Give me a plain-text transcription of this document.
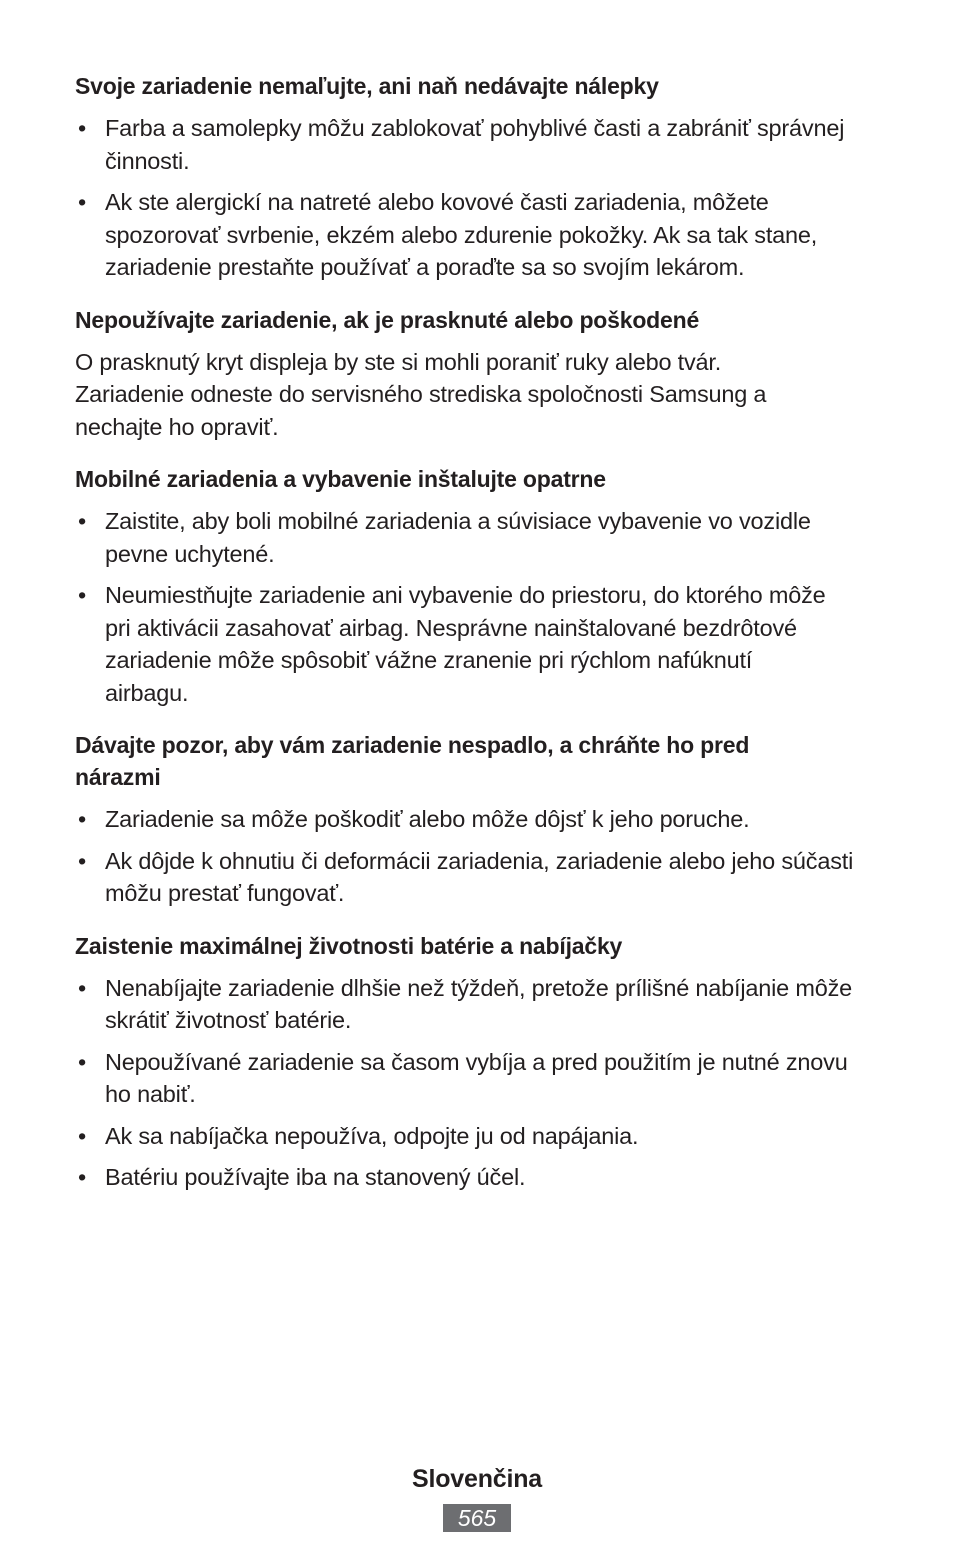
Svoje zariadenie nemaľujte, ani naň nedávajte nálepky
• Farba a samolepky môžu zablokovať pohyblivé časti a zabrániť správnej činnosti.
• Ak ste alergickí na natreté alebo kovové časti zariadenia, môžete spozorovať svrbenie, ekzém alebo zdurenie pokožky. Ak sa tak stane, zariadenie prestaňte používať a poraďte sa so svojím lekárom.
Nepoužívajte zariadenie, ak je prasknuté alebo poškodené

O prasknutý kryt displeja by ste si mohli poraniť ruky alebo tvár. Zariadenie odneste do servisného strediska spoločnosti Samsung a nechajte ho opraviť.

Mobilné zariadenia a vybavenie inštalujte opatrne
• Zaistite, aby boli mobilné zariadenia a súvisiace vybavenie vo vozidle pevne uchytené.
• Neumiestňujte zariadenie ani vybavenie do priestoru, do ktorého môže pri aktivácii zasahovať airbag. Nesprávne nainštalované bezdrôtové zariadenie môže spôsobiť vážne zranenie pri rýchlom nafúknutí airbagu.
Dávajte pozor, aby vám zariadenie nespadlo, a chráňte ho pred nárazmi
• Zariadenie sa môže poškodiť alebo môže dôjsť k jeho poruche.
• Ak dôjde k ohnutiu či deformácii zariadenia, zariadenie alebo jeho súčasti môžu prestať fungovať.
Zaistenie maximálnej životnosti batérie a nabíjačky
• Nenabíjajte zariadenie dlhšie než týždeň, pretože prílišné nabíjanie môže skrátiť životnosť batérie.
• Nepoužívané zariadenie sa časom vybíja a pred použitím je nutné znovu ho nabiť.
• Ak sa nabíjačka nepoužíva, odpojte ju od napájania.
• Batériu používajte iba na stanovený účel.
Slovenčina
565
